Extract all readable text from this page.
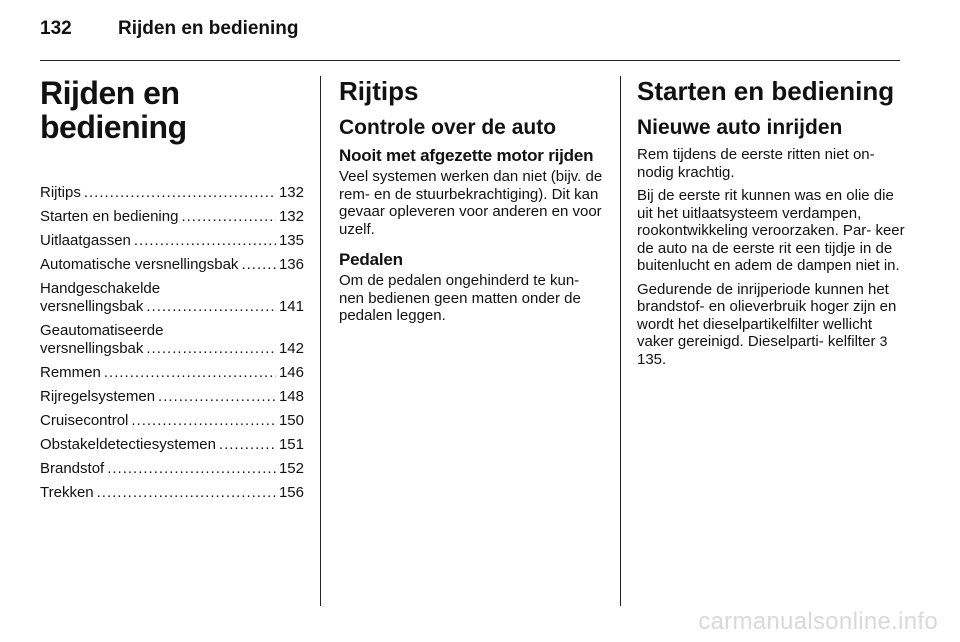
132	Rijden en bediening
Rijden en bediening
Rijtips .....	132
Starten en bediening .....	132
Uitlaatgassen .....	135
Automatische versnellingsbak .....	136
Handgeschakelde
versnellingsbak .....	141
Geautomatiseerde
versnellingsbak .....	142
Remmen .....	146
Rijregelsystemen .....	148
Cruisecontrol .....	150
Obstakeldetectiesystemen .....	151
Brandstof .....	152
Trekken .....	156
Rijtips
Controle over de auto
Nooit met afgezette motor rijden

Veel systemen werken dan niet (bijv. de rem- en de stuurbekrachtiging). Dit kan gevaar opleveren voor anderen en voor uzelf.

Pedalen

Om de pedalen ongehinderd te kun- nen bedienen geen matten onder de pedalen leggen.

Starten en bediening
Nieuwe auto inrijden

Rem tijdens de eerste ritten niet on- nodig krachtig.

Bij de eerste rit kunnen was en olie die uit het uitlaatsysteem verdampen, rookontwikkeling veroorzaken. Par- keer de auto na de eerste rit een tijdje in de buitenlucht en adem de dampen niet in.

Gedurende de inrijperiode kunnen het brandstof- en olieverbruik hoger zijn en wordt het dieselpartikelfilter wellicht vaker gereinigd. Dieselparti- kelfilter 3 135.

carmanualsonline.info
